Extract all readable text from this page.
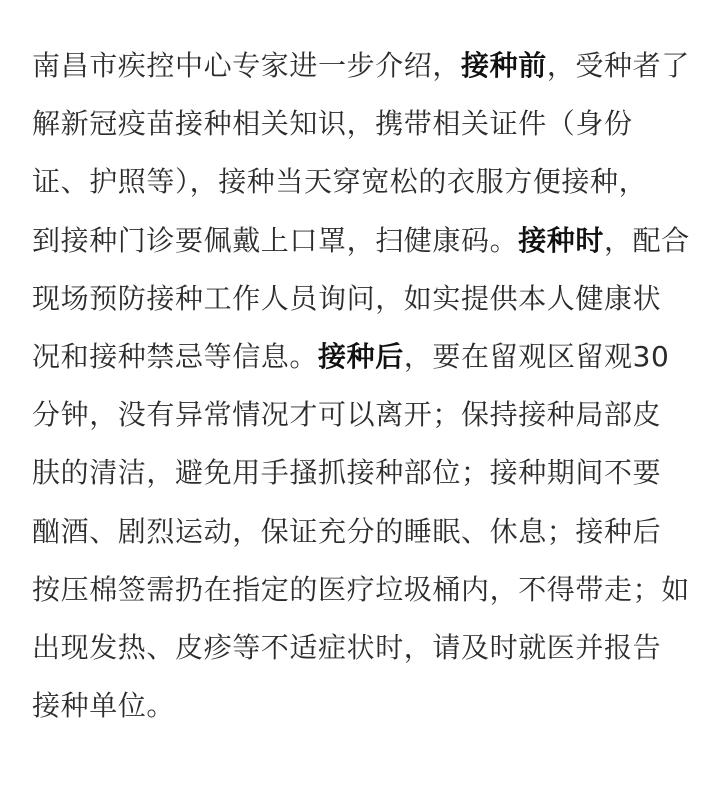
南昌市疾控中心专家进一步介绍，接种前，受种者了
解新冠疫苗接种相关知识，携带相关证件（身份
证、护照等），接种当天穿宽松的衣服方便接种，
到接种门诊要佩戴上口罩，扫健康码。接种时，配合
现场预防接种工作人员询问，如实提供本人健康状
况和接种禁忌等信息。接种后，要在留观区留观30
分钟，没有异常情况才可以离开；保持接种局部皮
肤的清洁，避免用手搔抓接种部位；接种期间不要
酗酒、剧烈运动，保证充分的睡眠、休息；接种后
按压棉签需扔在指定的医疗垃圾桶内，不得带走；如
出现发热、皮疹等不适症状时，请及时就医并报告
接种单位。
